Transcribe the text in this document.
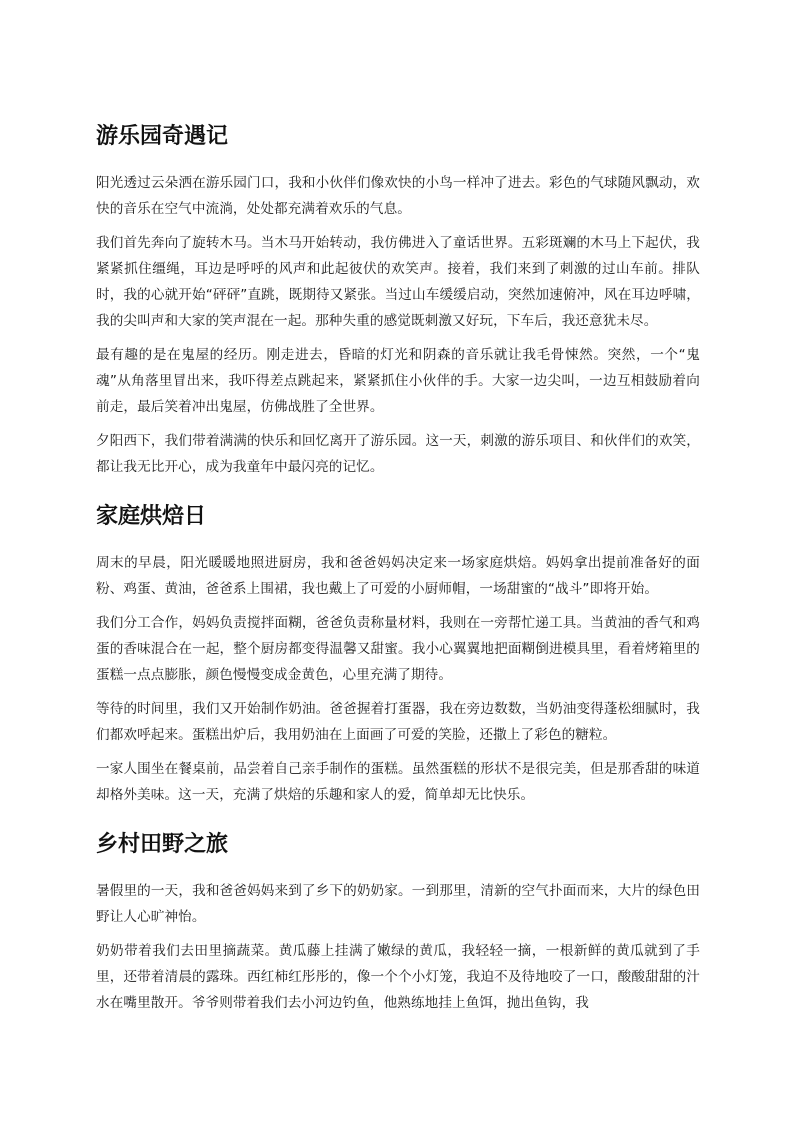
游乐园奇遇记

阳光透过云朵洒在游乐园门口，我和小伙伴们像欢快的小鸟一样冲了进去。彩色的气球随风飘动，欢快的音乐在空气中流淌，处处都充满着欢乐的气息。

我们首先奔向了旋转木马。当木马开始转动，我仿佛进入了童话世界。五彩斑斓的木马上下起伏，我紧紧抓住缰绳，耳边是呼呼的风声和此起彼伏的欢笑声。接着，我们来到了刺激的过山车前。排队时，我的心就开始“砰砰”直跳，既期待又紧张。当过山车缓缓启动，突然加速俯冲，风在耳边呼啸，我的尖叫声和大家的笑声混在一起。那种失重的感觉既刺激又好玩，下车后，我还意犹未尽。

最有趣的是在鬼屋的经历。刚走进去，昏暗的灯光和阴森的音乐就让我毛骨悚然。突然，一个“鬼魂”从角落里冒出来，我吓得差点跳起来，紧紧抓住小伙伴的手。大家一边尖叫，一边互相鼓励着向前走，最后笑着冲出鬼屋，仿佛战胜了全世界。

夕阳西下，我们带着满满的快乐和回忆离开了游乐园。这一天，刺激的游乐项目、和伙伴们的欢笑，都让我无比开心，成为我童年中最闪亮的记忆。

家庭烘焙日

周末的早晨，阳光暖暖地照进厨房，我和爸爸妈妈决定来一场家庭烘焙。妈妈拿出提前准备好的面粉、鸡蛋、黄油，爸爸系上围裙，我也戴上了可爱的小厨师帽，一场甜蜜的“战斗”即将开始。

我们分工合作，妈妈负责搅拌面糊，爸爸负责称量材料，我则在一旁帮忙递工具。当黄油的香气和鸡蛋的香味混合在一起，整个厨房都变得温馨又甜蜜。我小心翼翼地把面糊倒进模具里，看着烤箱里的蛋糕一点点膨胀，颜色慢慢变成金黄色，心里充满了期待。

等待的时间里，我们又开始制作奶油。爸爸握着打蛋器，我在旁边数数，当奶油变得蓬松细腻时，我们都欢呼起来。蛋糕出炉后，我用奶油在上面画了可爱的笑脸，还撒上了彩色的糖粒。

一家人围坐在餐桌前，品尝着自己亲手制作的蛋糕。虽然蛋糕的形状不是很完美，但是那香甜的味道却格外美味。这一天，充满了烘焙的乐趣和家人的爱，简单却无比快乐。

乡村田野之旅

暑假里的一天，我和爸爸妈妈来到了乡下的奶奶家。一到那里，清新的空气扑面而来，大片的绿色田野让人心旷神怡。

奶奶带着我们去田里摘蔬菜。黄瓜藤上挂满了嫩绿的黄瓜，我轻轻一摘，一根新鲜的黄瓜就到了手里，还带着清晨的露珠。西红柿红彤彤的，像一个个小灯笼，我迫不及待地咬了一口，酸酸甜甜的汁水在嘴里散开。爷爷则带着我们去小河边钓鱼，他熟练地挂上鱼饵，抛出鱼钩，我
